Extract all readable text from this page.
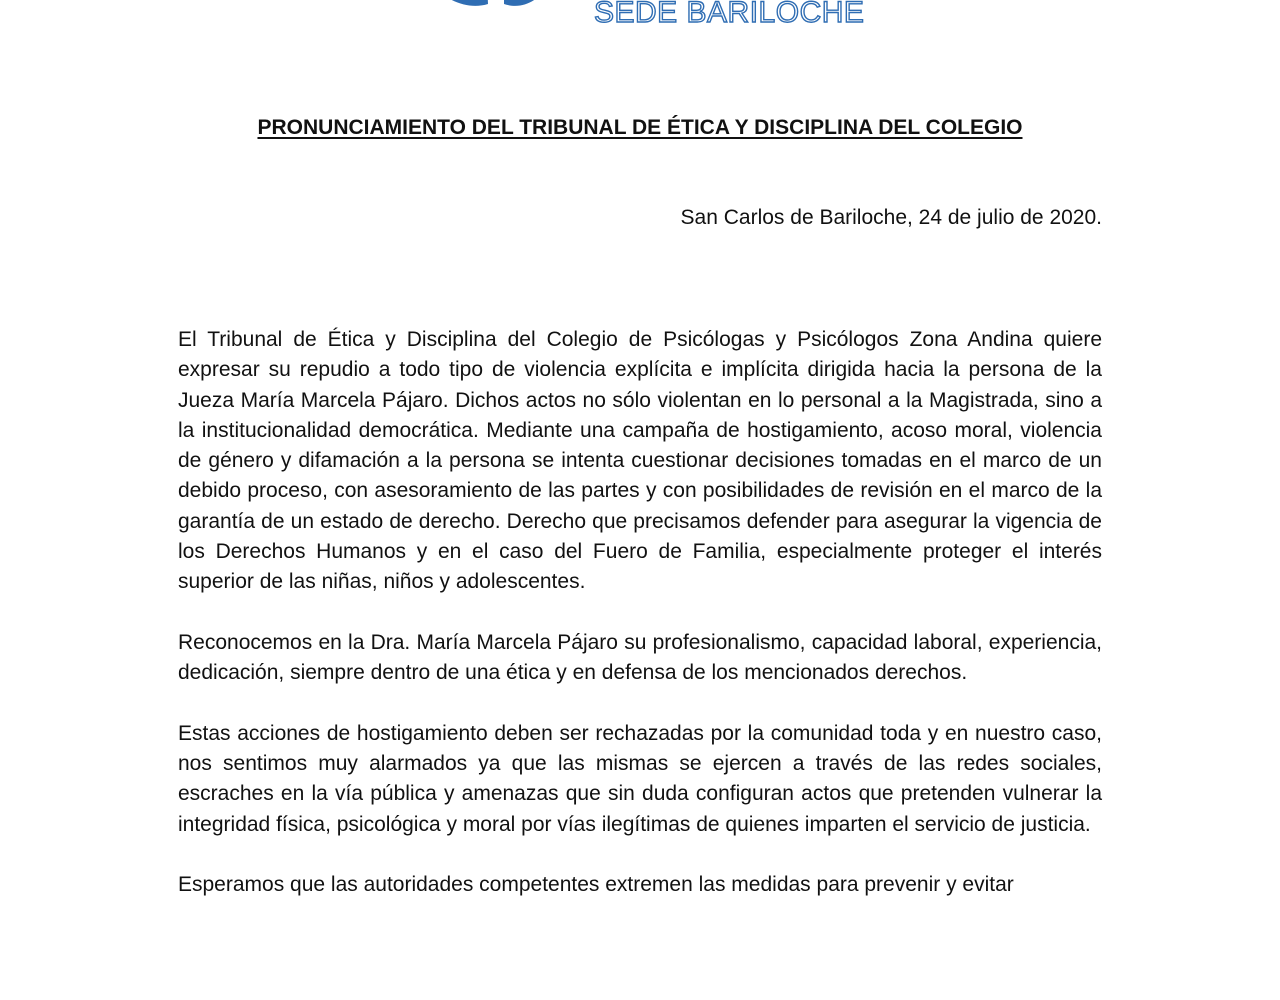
SEDE BARILOCHE
PRONUNCIAMIENTO DEL TRIBUNAL DE ÉTICA Y DISCIPLINA DEL COLEGIO

San Carlos de Bariloche, 24 de julio de 2020.

El Tribunal de Ética y Disciplina del Colegio de Psicólogas y Psicólogos Zona Andina quiere expresar su repudio a todo tipo de violencia explícita e implícita dirigida hacia la persona de la Jueza María Marcela Pájaro. Dichos actos no sólo violentan en lo personal a la Magistrada, sino a la institucionalidad democrática. Mediante una campaña de hostigamiento, acoso moral, violencia de género y difamación a la persona se intenta cuestionar decisiones tomadas en el marco de un debido proceso, con asesoramiento de las partes y con posibilidades de revisión en el marco de la garantía de un estado de derecho. Derecho que precisamos defender para asegurar la vigencia de los Derechos Humanos y en el caso del Fuero de Familia, especialmente proteger el interés superior de las niñas, niños y adolescentes.

Reconocemos en la Dra. María Marcela Pájaro su profesionalismo, capacidad laboral, experiencia, dedicación, siempre dentro de una ética y en defensa de los mencionados derechos.

Estas acciones de hostigamiento deben ser rechazadas por la comunidad toda y en nuestro caso, nos sentimos muy alarmados ya que las mismas se ejercen a través de las redes sociales, escraches en la vía pública y amenazas que sin duda configuran actos que pretenden vulnerar la integridad física, psicológica y moral por vías ilegítimas de quienes imparten el servicio de justicia.

Esperamos que las autoridades competentes extremen las medidas para prevenir y evitar
